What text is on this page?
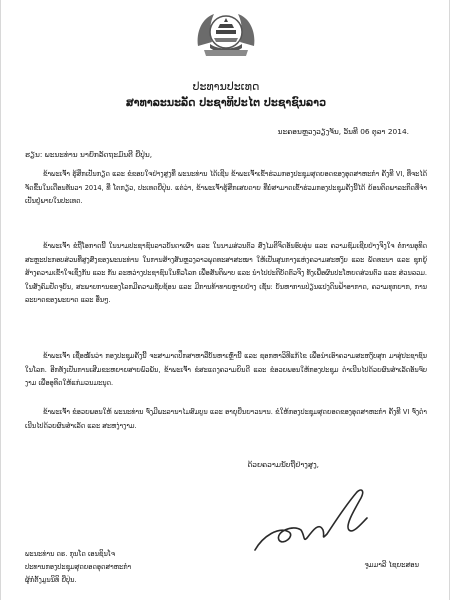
ປະທານປະເທດ
ສາທາລະນະລັດ ປະຊາທິປະໄຕ ປະຊາຊົນລາວ
ນະຄອນຫຼວງວຽງຈັນ, ວັນທີ 06 ຕຸລາ 2014.
ຮຽນ: ພະນະທ່ານ ນາຍົກລັດຖະມົນຕີ ຍີ່ປຸ່ນ,

ຂ້າພະເຈົ້າ ຮູ້ສຶກເປັນກຽດ ແລະ ຂໍຂອບໃຈຢ່າງສູງທີ່ ພະນະທ່ານ ໄດ້ເຊີນ ຂ້າພະເຈົ້າເຂົ້າຮ່ວມກອງປະຊຸມສຸດຍອດຂອງອຸດສາຫະກໍາ ຄັ້ງທີ VI, ທີ່ຈະໄດ້ຈັດຂຶ້ນໃນເດືອນທັນວາ 2014, ທີ່ ໂຕກຽວ, ປະເທດຍີ່ປຸ່ນ. ແຕ່ວ່າ, ຂ້າພະເຈົ້າຮູ້ສຶກເສຍດາຍ ທີ່ບໍ່ສາມາດເຂົ້າຮ່ວມກອງປະຊຸມຄັ້ງນີ້ໄດ້ ຍ້ອນຕິດພາລະກິດທີ່ຈໍາເປັນຢູ່ພາຍໃນປະເທດ.

ຂ້າພະເຈົ້າ ຂໍຖືໂອກາດນີ້ ໃນນາມປະຊາຊົນລາວບັນດາເຜົ່າ ແລະ ໃນນາມສ່ວນຕົວ ສົ່ງໄມຕີຈິດອັນອົບອຸ່ນ ແລະ ຄວາມຊົມເຊີຍຢ່າງຈິງໃຈ ຕໍ່ການອຸທິດສະຫຼະປະກອບສ່ວນທີ່ສູງສົ່ງຂອງພະນະທ່ານ ໃນການສ້າງສັນຫຼວງລາວພຸດທະສາສະໜາ ໃຫ້ເປັນສູນກາງແຫ່ງຄວາມສະຫງົບ ແລະ ພັດທະນາ ແລະ ຊຸກຍູ້ສ້າງຄວາມເຂົ້າໃຈເຊິ່ງກັນ ແລະ ກັນ ລະຫວ່າງປະຊາຊົນໃນທົ່ວໂລກ ເພື່ອສັນຕິພາບ ແລະ ນໍາໄປປະຕິບັດຕົວຈິງ ທັງເພື່ອຜົນປະໂຫຍດສ່ວນຕົວ ແລະ ສ່ວນລວມ. ໃນສັງຄົມປັດຈຸບັນ, ສະພາບການຂອງໂລກມີຄວາມຊັບຊ້ອນ ແລະ ມີການທ້າທາຍຫຼາຍຢ່າງ ເຊັ່ນ: ບັນຫາການປ່ຽນແປງດິນຟ້າອາກາດ, ຄວາມທຸກຍາກ, ການລະບາດຂອງພະຍາດ ແລະ ອື່ນໆ.

ຂ້າພະເຈົ້າ ເຊື່ອໝັ້ນວ່າ ກອງປະຊຸມຄັ້ງນີ້ ຈະສາມາດປຶກສາຫາລືບັນຫາເຫຼົ່ານີ້ ແລະ ຊອກຫາວິທີແກ້ໄຂ ເພື່ອນໍາເອົາຄວາມສະຫງົບສຸກ ມາສູ່ປະຊາຊົນໃນໂລກ. ອີກທັງເປັນການເສີມຂະຫຍາຍສາຍພົວພັນ, ຂ້າພະເຈົ້າ ຂໍສະແດງຄວາມຍິນດີ ແລະ ຂໍອວຍພອນໃຫ້ກອງປະຊຸມ ດໍາເນີນໄປດ້ວຍຜົນສໍາເລັດອັນຈົບງາມ ເພື່ອອຸທິດໃຫ້ແກ່ມວນມະນຸດ.

ຂ້າພະເຈົ້າ ຂໍອວຍພອນໃຫ້ ພະນະທ່ານ ຈົ່ງມີພະລານາໄມສົມບູນ ແລະ ອາຍຸຍືນຍາວນານ. ຂໍໃຫ້ກອງປະຊຸມສຸດຍອດຂອງອຸດສາຫະກໍາ ຄັ້ງທີ VI ຈົ່ງດໍາເນີນໄປດ້ວຍຜົນສໍາເລັດ ແລະ ສະຫງ່າງາມ.

ດ້ວຍຄວາມນັບຖືຢ່າງສູງ,
ພະນະທ່ານ ດຣ. ກຸນໂດ ເອນຊິນໂຈ
ປະທານກອງປະຊຸມສຸດຍອດອຸດສາຫະກໍາ
ຜູ້ກໍ່ຕັ້ງມູນນິທິ ຍີ່ປຸ່ນ.
ຈູມມາລີ ໄຊຍະສອນ
